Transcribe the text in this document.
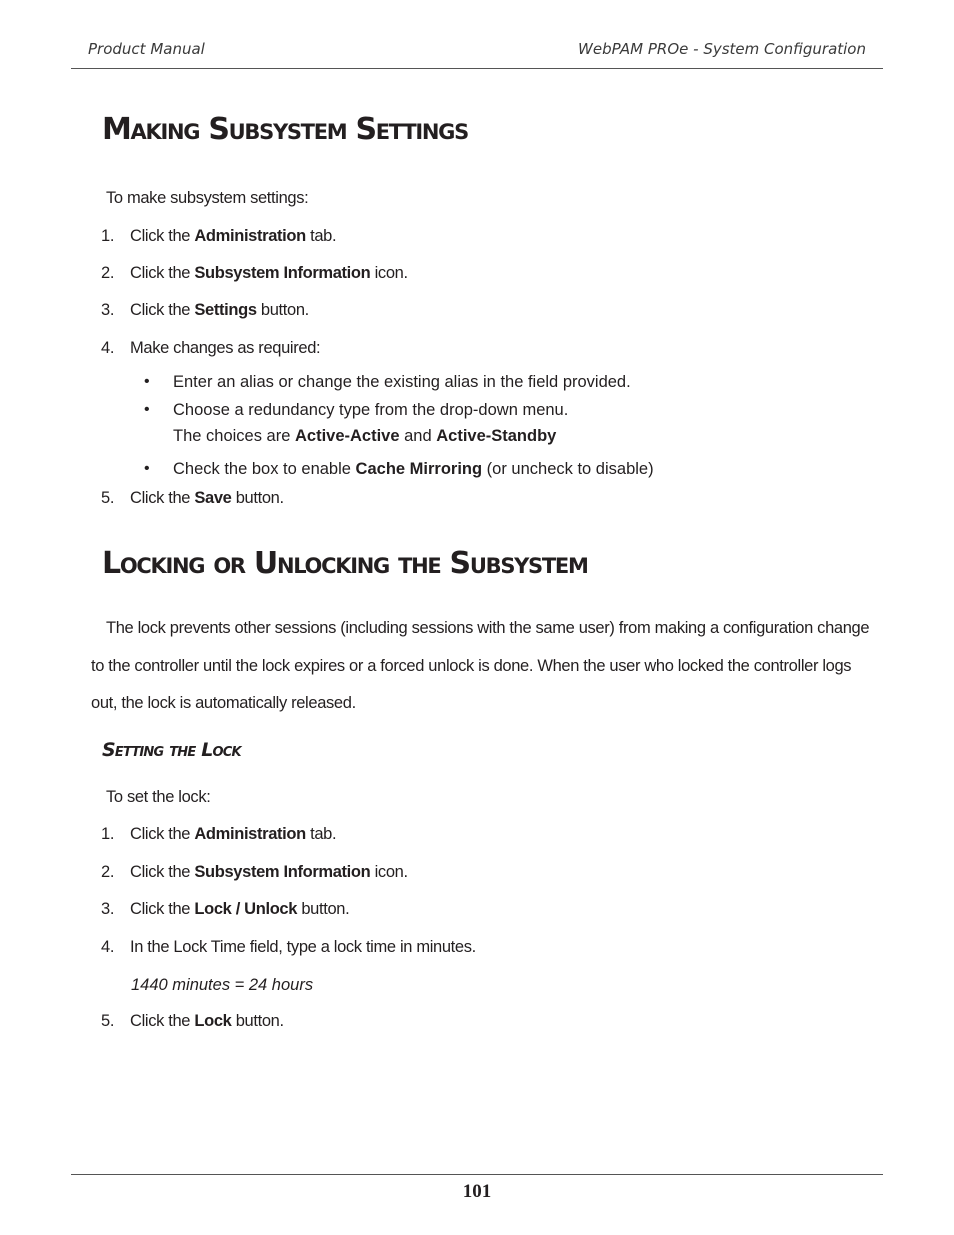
Product Manual	WebPAM PROe - System Configuration
Making Subsystem Settings
To make subsystem settings:
1. Click the Administration tab.
2. Click the Subsystem Information icon.
3. Click the Settings button.
4. Make changes as required:
• Enter an alias or change the existing alias in the field provided.
• Choose a redundancy type from the drop-down menu.
The choices are Active-Active and Active-Standby
• Check the box to enable Cache Mirroring (or uncheck to disable)
5. Click the Save button.
Locking or Unlocking the Subsystem
The lock prevents other sessions (including sessions with the same user) from making a configuration change
to the controller until the lock expires or a forced unlock is done. When the user who locked the controller logs
out, the lock is automatically released.
Setting the Lock
To set the lock:
1. Click the Administration tab.
2. Click the Subsystem Information icon.
3. Click the Lock / Unlock button.
4. In the Lock Time field, type a lock time in minutes.
1440 minutes = 24 hours
5. Click the Lock button.
101
